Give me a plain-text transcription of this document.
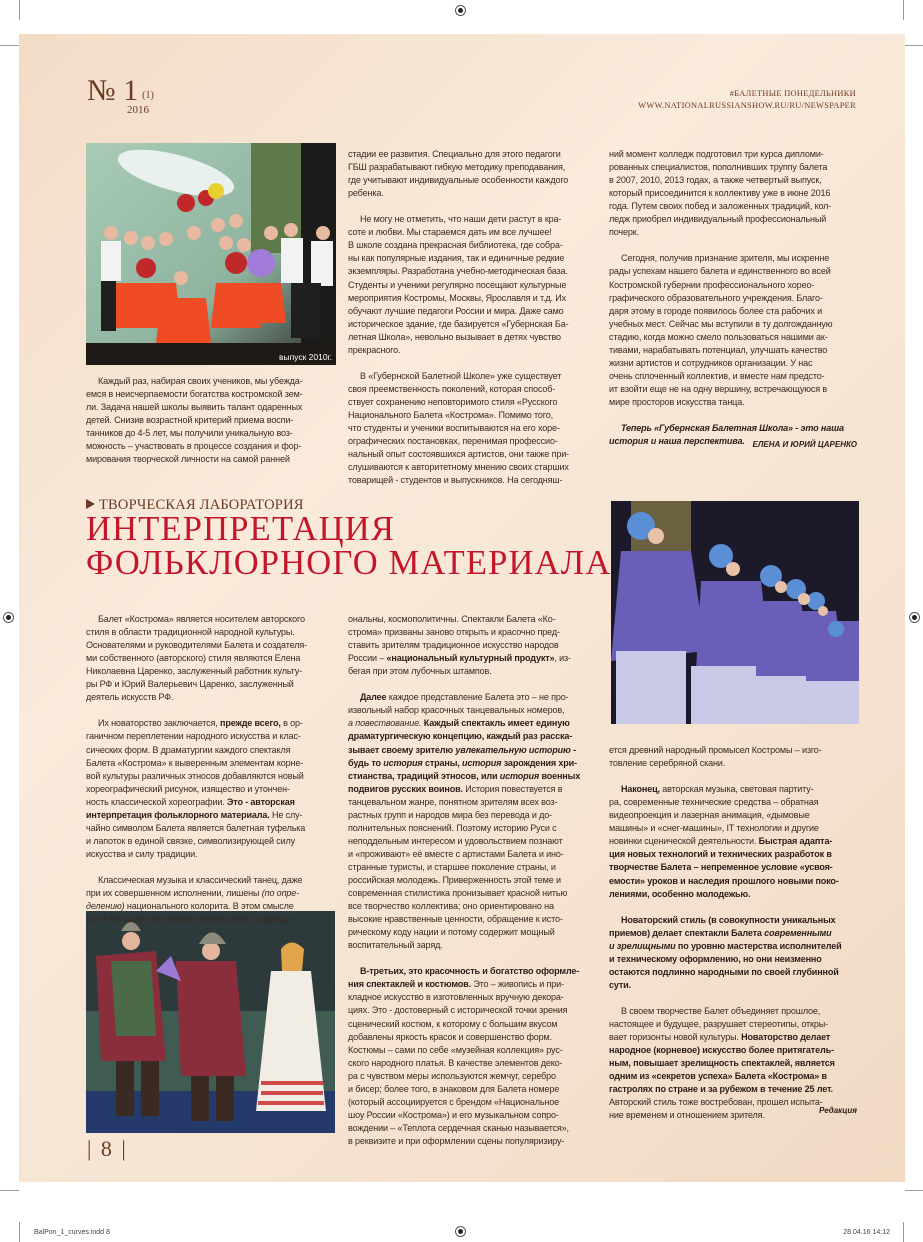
№ 1 $^{(1)}$
2016
#БАЛЕТНЫЕ ПОНЕДЕЛЬНИКИ
WWW.NATIONALRUSSIANSHOW.RU/RU/NEWSPAPER
выпуск 2010г.

Каждый раз, набирая своих учеников, мы убежда-
емся в неисчерпаемости богатства костромской зем-
ли. Задача нашей школы выявить талант одаренных
детей. Снизив возрастной критерий приема воспи-
танников до 4-5 лет, мы получили уникальную воз-
можность – участвовать в процессе создания и фор-
мирования творческой личности на самой ранней

стадии ее развития. Специально для этого педагоги
ГБШ разрабатывают гибкую методику преподавания,
где учитывают индивидуальные особенности каждого
ребенка.

Не могу не отметить, что наши дети растут в кра-
соте и любви. Мы стараемся дать им все лучшее!
В школе создана прекрасная библиотека, где собра-
ны как популярные издания, так и единичные редкие
экземпляры. Разработана учебно-методическая база.
Студенты и ученики регулярно посещают культурные
мероприятия Костромы, Москвы, Ярославля и т.д. Их
обучают лучшие педагоги России и мира. Даже само
историческое здание, где базируется «Губернская Ба-
летная Школа», невольно вызывает в детях чувство
прекрасного.

В «Губернской Балетной Школе» уже существует
своя преемственность поколений, которая способ-
ствует сохранению неповторимого стиля «Русского
Национального Балета «Кострома». Помимо того,
что студенты и ученики воспитываются на его хоре-
ографических постановках, перенимая профессио-
нальный опыт состоявшихся артистов, они также при-
слушиваются к авторитетному мнению своих старших
товарищей - студентов и выпускников. На сегодняш-

ний момент колледж подготовил три курса дипломи-
рованных специалистов, пополнивших труппу балета
в 2007, 2010, 2013 годах, а также четвертый выпуск,
который присоединится к коллективу уже в июне 2016
года. Путем своих побед и заложенных традиций, кол-
ледж приобрел индивидуальный профессиональный
почерк.

Сегодня, получив признание зрителя, мы искренне
рады успехам нашего балета и единственного во всей
Костромской губернии профессионального хорео-
графического образовательного учреждения. Благо-
даря этому в городе появилось более ста рабочих и
учебных мест. Сейчас мы вступили в ту долгожданную
стадию, когда можно смело пользоваться нашими ак-
тивами, нарабатывать потенциал, улучшать качество
жизни артистов и сотрудников организации. У нас
очень сплоченный коллектив, и вместе нам предсто-
ит взойти еще не на одну вершину, встречающуюся в
мире просторов искусства танца.

Теперь «Губернская Балетная Школа» - это наша
история и наша перспектива. ЕЛЕНА И ЮРИЙ ЦАРЕНКО
ТВОРЧЕСКАЯ ЛАБОРАТОРИЯ
ИНТЕРПРЕТАЦИЯ
ФОЛЬКЛОРНОГО МАТЕРИАЛА

Балет «Кострома» является носителем авторского
стиля в области традиционной народной культуры.
Основателями и руководителями Балета и создателя-
ми собственного (авторского) стиля являются Елена
Николаевна Царенко, заслуженный работник культу-
ры РФ и Юрий Валерьевич Царенко, заслуженный
деятель искусств РФ.

Их новаторство заключается, прежде всего, в ор-
ганичном переплетении народного искусства и клас-
сических форм. В драматургии каждого спектакля
Балета «Кострома» к выверенным элементам корне-
вой культуры различных этносов добавляются новый
хореографический рисунок, изящество и утончен-
ность классической хореографии. Это - авторская
интерпретация фольклорного материала. Не слу-
чайно символом Балета является балетная туфелька
и лапоток в единой связке, символизирующей силу
искусства и силу традиции.

Классическая музыка и классический танец, даже
при их совершенном исполнении, лишены (по опре-
делению) национального колорита. В этом смысле
они в большинстве своем универсальны, надкаци-

ональны, космополитичны. Спектакли Балета «Ко-
строма» призваны заново открыть и красочно пред-
ставить зрителям традиционное искусство народов
России – «национальный культурный продукт», из-
бегая при этом лубочных штампов.

Далее каждое представление Балета это – не про-
извольный набор красочных танцевальных номеров,
а повествование. Каждый спектакль имеет единую
драматургическую концепцию, каждый раз расска-
зывает своему зрителю увлекательную историю -
будь то история страны, история зарождения хри-
стианства, традиций этносов, или история военных
подвигов русских воинов. История повествуется в
танцевальном жанре, понятном зрителям всех воз-
растных групп и народов мира без перевода и до-
полнительных пояснений. Поэтому историю Руси с
неподдельным интересом и удовольствием познают
и «проживают» её вместе с артистами Балета и ино-
странные туристы, и старшее поколение страны, и
российская молодежь. Приверженность этой теме и
современная стилистика пронизывает красной нитью
все творчество коллектива; оно ориентировано на
высокие нравственные ценности, обращение к исто-
рическому коду нации и потому содержит мощный
воспитательный заряд.

В-третьих, это красочность и богатство оформле-
ния спектаклей и костюмов. Это – живопись и при-
кладное искусство в изготовленных вручную декора-
циях. Это - достоверный с исторической точки зрения
сценический костюм, к которому с большим вкусом
добавлены яркость красок и совершенство форм.
Костюмы – сами по себе «музейная коллекция» рус-
ского народного платья. В качестве элементов деко-
ра с чувством меры используются жемчуг, серебро
и бисер; более того, в знаковом для Балета номере
(который ассоциируется с брендом «Национальное
шоу России «Кострома») и его музыкальном сопро-
вождении – «Теплота сердечная сканью называется»,
в реквизите и при оформлении сцены популяризиру-

ется древний народный промысел Костромы – изго-
товление серебряной скани.

Наконец, авторская музыка, световая партиту-
ра, современные технические средства – обратная
видеопроекция и лазерная анимация, «дымовые
машины» и «снег-машины», IT технологии и другие
новинки сценической деятельности. Быстрая адапта-
ция новых технологий и технических разработок в
творчестве Балета – непременное условие «усвоя-
емости» уроков и наследия прошлого новыми поко-
лениями, особенно молодежью.

Новаторский стиль (в совокупности уникальных
приемов) делает спектакли Балета современными
и зрелищными по уровню мастерства исполнителей
и техническому оформлению, но они неизменно
остаются подлинно народными по своей глубинной
сути.

В своем творчестве Балет объединяет прошлое,
настоящее и будущее, разрушает стереотипы, откры-
вает горизонты новой культуры. Новаторство делает
народное (корневое) искусство более притягатель-
ным, повышает зрелищность спектаклей, является
одним из «секретов успеха» Балета «Кострома» в
гастролях по стране и за рубежом в течение 25 лет.
Авторский стиль тоже востребован, прошел испыта-
ние временем и отношением зрителя.	Редакция
| 8 |
BalPon_1_curves.indd 8	28.04.16 14:12
